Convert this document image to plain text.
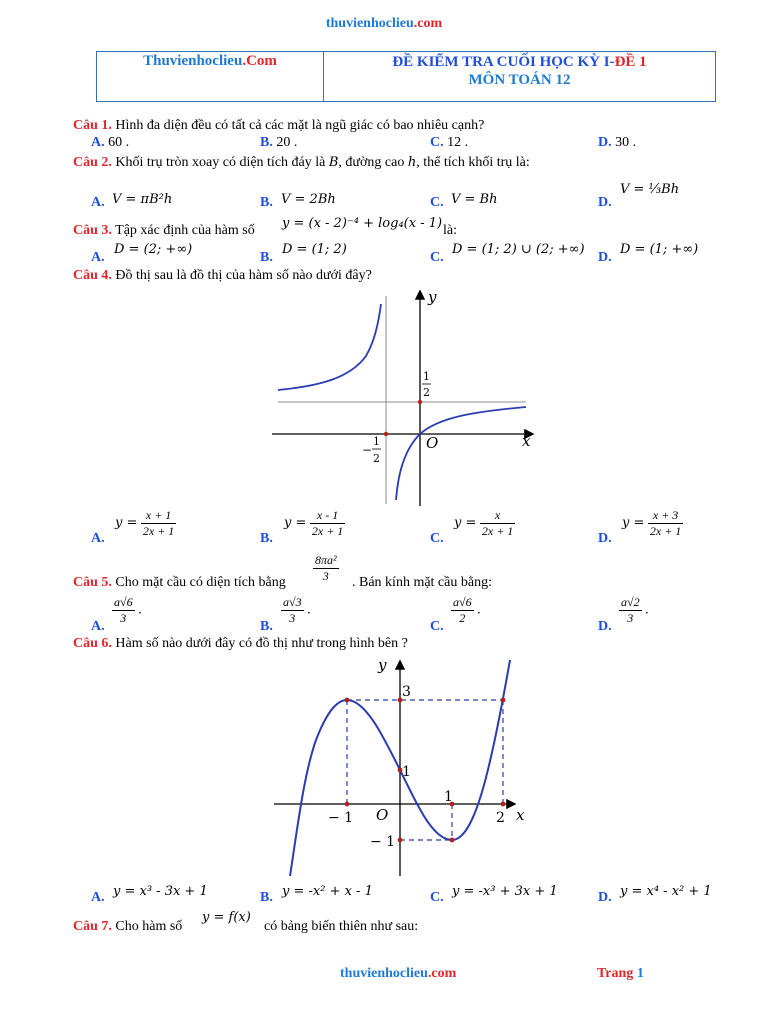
thuvienhoclieu.com
Thuvienhoclieu.Com	ĐỀ KIỂM TRA CUỐI HỌC KỲ I-ĐỀ 1
MÔN TOÁN 12
Câu 1. Hình đa diện đều có tất cả các mặt là ngũ giác có bao nhiêu cạnh?
A. 60 .	B. 20 .	C. 12 .	D. 30 .
Câu 2. Khối trụ tròn xoay có diện tích đáy là B, đường cao h, thể tích khối trụ là:
A. V = πB²h	B. V = 2Bh	C. V = Bh	D.
V = ⅓Bh
Câu 3. Tập xác định của hàm số y = (x - 2)⁻⁴ + log₄(x - 1) là:
A.
D = (2; +∞)
B.
D = (1; 2)
C.
D = (1; 2) ∪ (2; +∞)
D.
D = (1; +∞)
Câu 4. Đồ thị sau là đồ thị của hàm số nào dưới đây?
y
x
O
1
2
−
1
2
A.
$y = \frac{x + 1}{2x + 1}$	B.
$y = \frac{x - 1}{2x + 1}$	C.
$y = \frac{x}{2x + 1}$	D.
$y = \frac{x + 3}{2x + 1}$
Câu 5. Cho mặt cầu có diện tích bằng $\frac{\text{8πa²}}{3}$ . Bán kính mặt cầu bằng:
A.
$\frac{a√6}{3}$ .
B.
$\frac{a√3}{3}$ .
C.
$\frac{a√6}{2}$ .
D.
$\frac{a√2}{3}$ .
Câu 6. Hàm số nào dưới đây có đồ thị như trong hình bên ?
y
x
O
3
1
− 1
− 1
1
2
A. y = x³ - 3x + 1	B. y = -x² + x - 1	C. y = -x³ + 3x + 1	D. y = x⁴ - x² + 1
Câu 7. Cho hàm số
y = f(x)
có bảng biến thiên như sau:
thuvienhoclieu.com	Trang 1
